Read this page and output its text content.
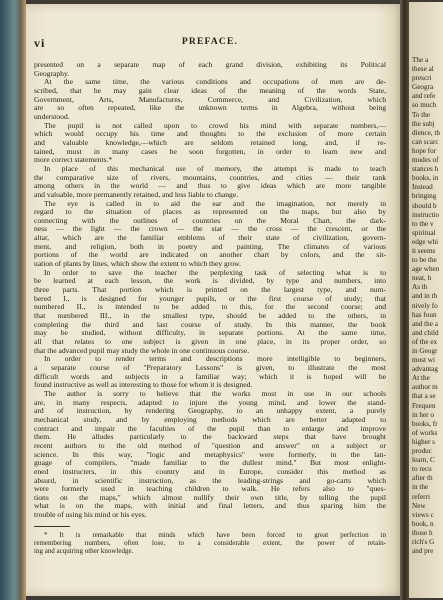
vi	PREFACE.
presented on a separate map of each grand division, exhibiting its Political
Geography.
At the same time, the various conditions and occupations of men are de-
scribed, that he may gain clear ideas of the meaning of the words State,
Government, Arts, Manufactures, Commerce, and Civilization, which
are so often repeated, like the unknown terms in Algebra, without being
understood.
The pupil is not called upon to crowd his mind with separate numbers,—
which would occupy his time and thoughts to the exclusion of more certain
and valuable knowledge,—which are seldom retained long, and, if re-
tained, must in many cases be soon forgotten, in order to learn new and
more correct statements.*
In place of this mechanical use of memory, the attempt is made to teach
the comparative size of rivers, mountains, countries, and cities — their rank
among others in the world — and thus to give ideas which are more tangible
and valuable, more permanently retained, and less liable to change.
The eye is called in to aid the ear and the imagination, not merely in
regard to the situation of places as represented on the maps, but also by
connecting with the outlines of countries on the Moral Chart, the dark-
ness — the light — the crown — the star — the cross — the crescent, or the
altar, which are the familiar emblems of their state of civilization, govern-
ment, and religion, both in poetry and painting. The climates of various
portions of the world are indicated on another chart by colors, and the sit-
uation of plants by lines, which show the extent to which they grow.
In order to save the teacher the perplexing task of selecting what is to
be learned at each lesson, the work is divided, by type and numbers, into
three parts. That portion which is printed on the largest type, and num-
bered I., is designed for younger pupils, or the first course of study; that
numbered II., is intended to be added to this, for the second course; and
that numbered III., in the smallest type, should be added to the others, in
completing the third and last course of study. In this manner, the book
may be studied, without difficulty, in separate portions. At the same time,
all that relates to one subject is given in one place, in its proper order, so
that the advanced pupil may study the whole in one continuous course.
In order to render terms and descriptions more intelligible to beginners,
a separate course of "Preparatory Lessons" is given, to illustrate the most
difficult words and subjects in a familiar way; which it is hoped will be
found instructive as well as interesting to those for whom it is designed.
The author is sorry to believe that the works most in use in our schools
are, in many respects, adapted to injure the young mind, and lower the stand-
ard of instruction, by rendering Geography, to an unhappy extent, a purely
mechanical study, and by employing methods which are better adapted to
contract and impair the faculties of the pupil than to enlarge and improve
them. He alludes particularly to the backward steps that have brought
recent authors to the old method of "question and answer" on a subject or
science. In this way, "logic and metaphysics" were formerly, in the lan-
guage of compilers, "made familiar to the dullest mind." But most enlight-
ened instructers, in this country and in Europe, consider this method as
absurd, in scientific instruction, as the leading-strings and go-carts which
were formerly used in teaching children to walk. He refers also to "ques-
tions on the maps," which almost nullify their own title, by telling the pupil
what is on the maps, with initial and final letters, and thus sparing him the
trouble of using his mind or his eyes.
* It is remarkable that minds which have been forced to great perfection in
remembering numbers, often lose, to a considerable extent, the power of retain-
ing and acquiring other knowledge.
The a
these al
prescri
Geogra
and refe
so much
To the
the subj
dience, th
can scarc
hope for
modes of
stances h
books, in
Instead
bringing
should b
instructio
to the v
spiritual
edge whi
it seems
to be the
age when
neat, h
As th
and in th
nively fo
has foun
and the a
and child
of the ex
in Geogr
most wi
advantag
At the
author m
that a se
Frequen
in her o
books, fr
of works
higher s
produc
learn, C
to recu
after th
in the
referri
New
views c
book, n
those h
rich's G
and pre
